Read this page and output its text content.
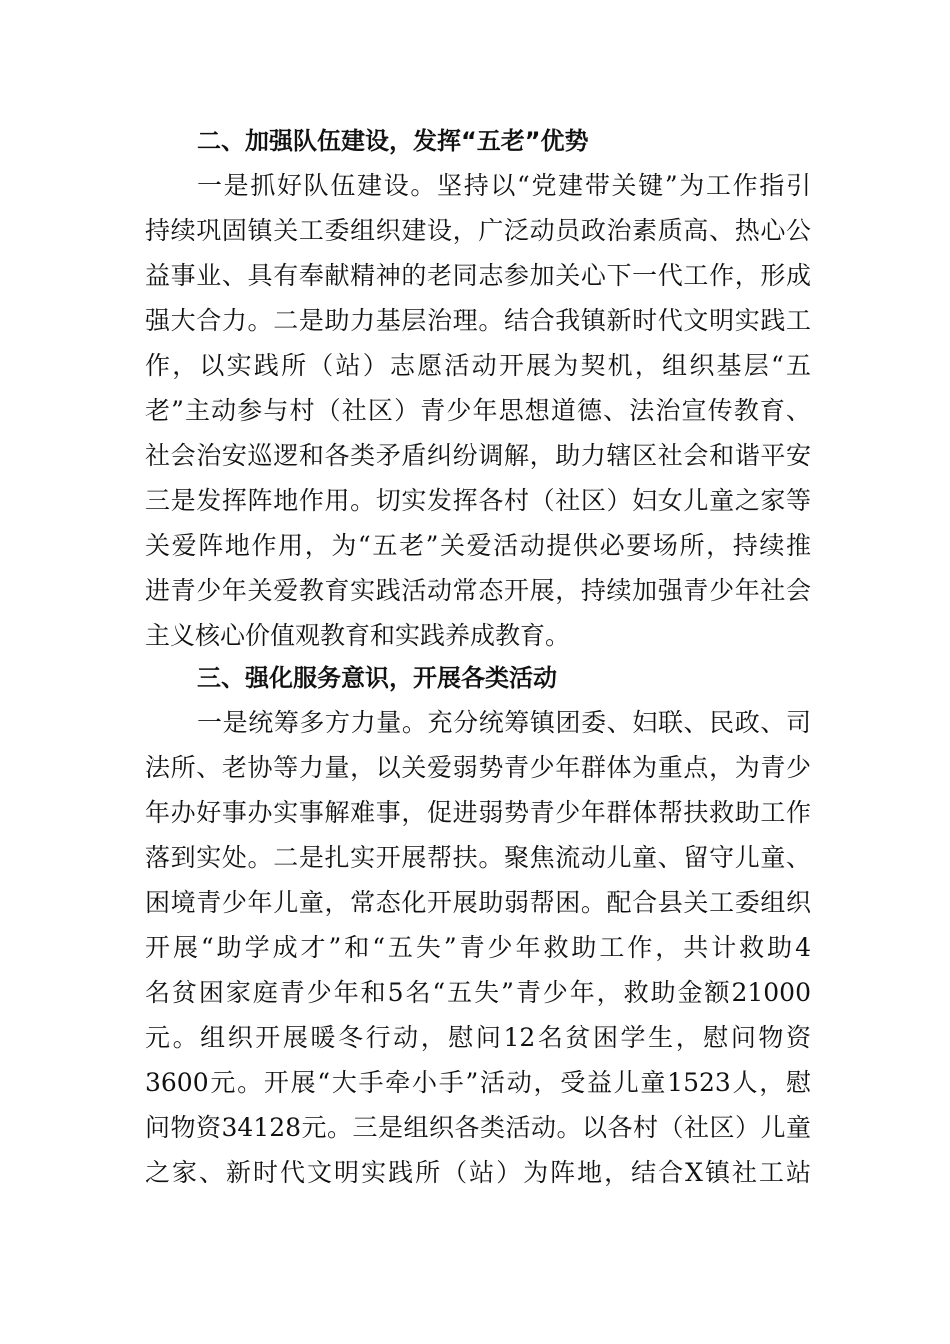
二、加强队伍建设，发挥“五老”优势
一是抓好队伍建设。坚持以“党建带关键”为工作指引
持续巩固镇关工委组织建设，广泛动员政治素质高、热心公
益事业、具有奉献精神的老同志参加关心下一代工作，形成
强大合力。二是助力基层治理。结合我镇新时代文明实践工
作，以实践所（站）志愿活动开展为契机，组织基层“五
老”主动参与村（社区）青少年思想道德、法治宣传教育、
社会治安巡逻和各类矛盾纠纷调解，助力辖区社会和谐平安
三是发挥阵地作用。切实发挥各村（社区）妇女儿童之家等
关爱阵地作用，为“五老”关爱活动提供必要场所，持续推
进青少年关爱教育实践活动常态开展，持续加强青少年社会
主义核心价值观教育和实践养成教育。
三、强化服务意识，开展各类活动
一是统筹多方力量。充分统筹镇团委、妇联、民政、司
法所、老协等力量，以关爱弱势青少年群体为重点，为青少
年办好事办实事解难事，促进弱势青少年群体帮扶救助工作
落到实处。二是扎实开展帮扶。聚焦流动儿童、留守儿童、
困境青少年儿童，常态化开展助弱帮困。配合县关工委组织
开展“助学成才”和“五失”青少年救助工作，共计救助4
名贫困家庭青少年和5名“五失”青少年，救助金额21000
元。组织开展暖冬行动，慰问12名贫困学生，慰问物资
3600元。开展“大手牵小手”活动，受益儿童1523人，慰
问物资34128元。三是组织各类活动。以各村（社区）儿童
之家、新时代文明实践所（站）为阵地，结合X镇社工站
